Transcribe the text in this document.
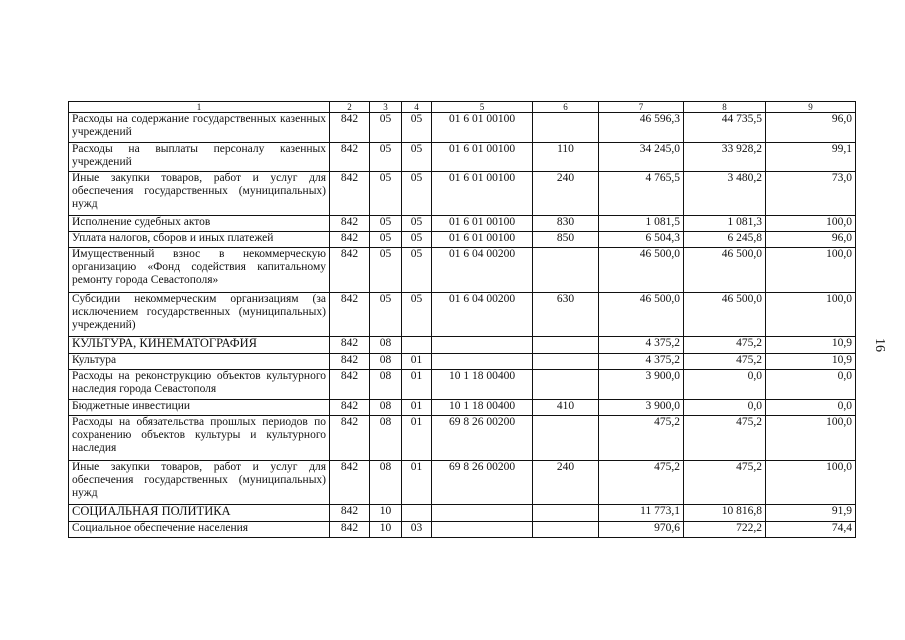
1	2	3	4	5	6	7	8	9
Расходы на содержание государственных казенных учреждений	842	05	05	01 6 01 00100		46 596,3	44 735,5	96,0
Расходы на выплаты персоналу казенных учреждений	842	05	05	01 6 01 00100	110	34 245,0	33 928,2	99,1
Иные закупки товаров, работ и услуг для обеспечения государственных (муниципальных) нужд	842	05	05	01 6 01 00100	240	4 765,5	3 480,2	73,0
Исполнение судебных актов	842	05	05	01 6 01 00100	830	1 081,5	1 081,3	100,0
Уплата налогов, сборов и иных платежей	842	05	05	01 6 01 00100	850	6 504,3	6 245,8	96,0
Имущественный взнос в некоммерческую организацию «Фонд содействия капитальному ремонту города Севастополя»	842	05	05	01 6 04 00200		46 500,0	46 500,0	100,0
Субсидии некоммерческим организациям (за исключением государственных (муниципальных) учреждений)	842	05	05	01 6 04 00200	630	46 500,0	46 500,0	100,0
КУЛЬТУРА, КИНЕМАТОГРАФИЯ	842	08				4 375,2	475,2	10,9
Культура	842	08	01			4 375,2	475,2	10,9
Расходы на реконструкцию объектов культурного наследия города Севастополя	842	08	01	10 1 18 00400		3 900,0	0,0	0,0
Бюджетные инвестиции	842	08	01	10 1 18 00400	410	3 900,0	0,0	0,0
Расходы на обязательства прошлых периодов по сохранению объектов культуры и культурного наследия	842	08	01	69 8 26 00200		475,2	475,2	100,0
Иные закупки товаров, работ и услуг для обеспечения государственных (муниципальных) нужд	842	08	01	69 8 26 00200	240	475,2	475,2	100,0
СОЦИАЛЬНАЯ ПОЛИТИКА	842	10				11 773,1	10 816,8	91,9
Социальное обеспечение населения	842	10	03			970,6	722,2	74,4
16
